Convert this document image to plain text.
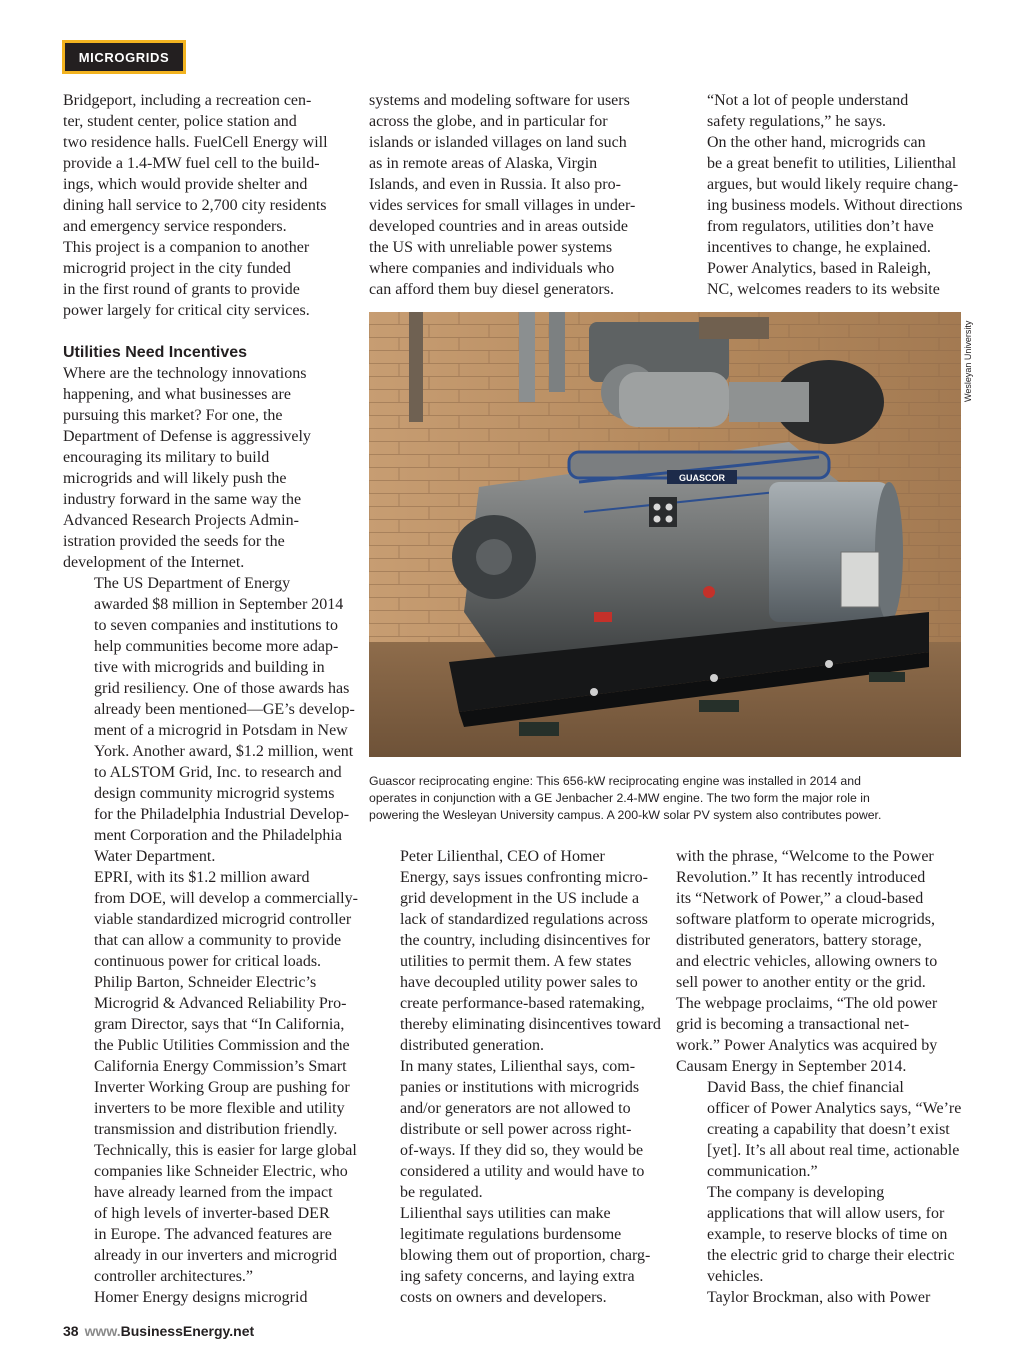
MICROGRIDS

Bridgeport, including a recreation cen-
ter, student center, police station and
two residence halls. FuelCell Energy will
provide a 1.4-MW fuel cell to the build-
ings, which would provide shelter and
dining hall service to 2,700 city residents
and emergency service responders.
This project is a companion to another
microgrid project in the city funded
in the first round of grants to provide
power largely for critical city services.

Utilities Need Incentives

Where are the technology innovations
happening, and what businesses are
pursuing this market? For one, the
Department of Defense is aggressively
encouraging its military to build
microgrids and will likely push the
industry forward in the same way the
Advanced Research Projects Admin-
istration provided the seeds for the
development of the Internet.

The US Department of Energy
awarded $8 million in September 2014
to seven companies and institutions to
help communities become more adap-
tive with microgrids and building in
grid resiliency. One of those awards has
already been mentioned—GE’s develop-
ment of a microgrid in Potsdam in New
York. Another award, $1.2 million, went
to ALSTOM Grid, Inc. to research and
design community microgrid systems
for the Philadelphia Industrial Develop-
ment Corporation and the Philadelphia
Water Department.

EPRI, with its $1.2 million award
from DOE, will develop a commercially-
viable standardized microgrid controller
that can allow a community to provide
continuous power for critical loads.

Philip Barton, Schneider Electric’s
Microgrid & Advanced Reliability Pro-
gram Director, says that “In California,
the Public Utilities Commission and the
California Energy Commission’s Smart
Inverter Working Group are pushing for
inverters to be more flexible and utility
transmission and distribution friendly.
Technically, this is easier for large global
companies like Schneider Electric, who
have already learned from the impact
of high levels of inverter-based DER
in Europe. The advanced features are
already in our inverters and microgrid
controller architectures.”

Homer Energy designs microgrid

systems and modeling software for users
across the globe, and in particular for
islands or islanded villages on land such
as in remote areas of Alaska, Virgin
Islands, and even in Russia. It also pro-
vides services for small villages in under-
developed countries and in areas outside
the US with unreliable power systems
where companies and individuals who
can afford them buy diesel generators.

“Not a lot of people understand
safety regulations,” he says.

On the other hand, microgrids can
be a great benefit to utilities, Lilienthal
argues, but would likely require chang-
ing business models. Without directions
from regulators, utilities don’t have
incentives to change, he explained.

Power Analytics, based in Raleigh,
NC, welcomes readers to its website

GUASCOR
Wesleyan University
Guascor reciprocating engine: This 656-kW reciprocating engine was installed in 2014 and
operates in conjunction with a GE Jenbacher 2.4-MW engine. The two form the major role in
powering the Wesleyan University campus. A 200-kW solar PV system also contributes power.

Peter Lilienthal, CEO of Homer
Energy, says issues confronting micro-
grid development in the US include a
lack of standardized regulations across
the country, including disincentives for
utilities to permit them. A few states
have decoupled utility power sales to
create performance-based ratemaking,
thereby eliminating disincentives toward
distributed generation.

In many states, Lilienthal says, com-
panies or institutions with microgrids
and/or generators are not allowed to
distribute or sell power across right-
of-ways. If they did so, they would be
considered a utility and would have to
be regulated.

Lilienthal says utilities can make
legitimate regulations burdensome
blowing them out of proportion, charg-
ing safety concerns, and laying extra
costs on owners and developers.

with the phrase, “Welcome to the Power
Revolution.” It has recently introduced
its “Network of Power,” a cloud-based
software platform to operate microgrids,
distributed generators, battery storage,
and electric vehicles, allowing owners to
sell power to another entity or the grid.
The webpage proclaims, “The old power
grid is becoming a transactional net-
work.” Power Analytics was acquired by
Causam Energy in September 2014.

David Bass, the chief financial
officer of Power Analytics says, “We’re
creating a capability that doesn’t exist
[yet]. It’s all about real time, actionable
communication.”

The company is developing
applications that will allow users, for
example, to reserve blocks of time on
the electric grid to charge their electric
vehicles.

Taylor Brockman, also with Power

38 www.BusinessEnergy.net
